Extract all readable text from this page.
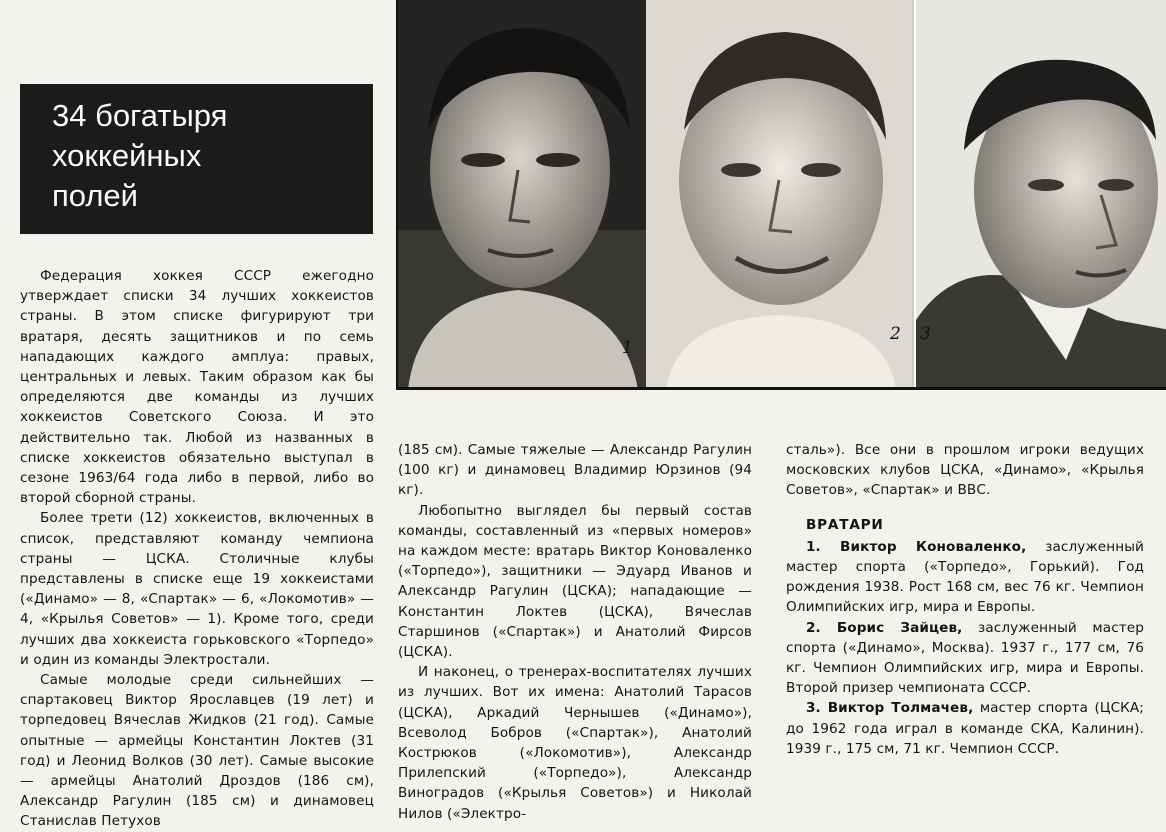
34 богатыря
хоккейных
полей
1
2 3

Федерация хоккея СССР ежегодно утверждает списки 34 лучших хоккеистов страны. В этом списке фигурируют три вратаря, десять защитников и по семь нападающих каждого амплуа: правых, центральных и левых. Таким образом как бы определяются две команды из лучших хоккеистов Советского Союза. И это действительно так. Любой из названных в списке хоккеистов обязательно выступал в сезоне 1963/64 года либо в первой, либо во второй сборной страны.

Более трети (12) хоккеистов, включенных в список, представляют команду чемпиона страны — ЦСКА. Столичные клубы представлены в списке еще 19 хоккеистами («Динамо» — 8, «Спартак» — 6, «Локомотив» — 4, «Крылья Советов» — 1). Кроме того, среди лучших два хоккеиста горьковского «Торпедо» и один из команды Электростали.

Самые молодые среди сильнейших — спартаковец Виктор Ярославцев (19 лет) и торпедовец Вячеслав Жидков (21 год). Самые опытные — армейцы Константин Локтев (31 год) и Леонид Волков (30 лет). Самые высокие — армейцы Анатолий Дроздов (186 см), Александр Рагулин (185 см) и динамовец Станислав Петухов

(185 см). Самые тяжелые — Александр Рагулин (100 кг) и динамовец Владимир Юрзинов (94 кг).

Любопытно выглядел бы первый состав команды, составленный из «первых номеров» на каждом месте: вратарь Виктор Коноваленко («Торпедо»), защитники — Эдуард Иванов и Александр Рагулин (ЦСКА); нападающие — Константин Локтев (ЦСКА), Вячеслав Старшинов («Спартак») и Анатолий Фирсов (ЦСКА).

И наконец, о тренерах-воспитателях лучших из лучших. Вот их имена: Анатолий Тарасов (ЦСКА), Аркадий Чернышев («Динамо»), Всеволод Бобров («Спартак»), Анатолий Кострюков («Локомотив»), Александр Прилепский («Торпедо»), Александр Виноградов («Крылья Советов») и Николай Нилов («Электро-

сталь»). Все они в прошлом игроки ведущих московских клубов ЦСКА, «Динамо», «Крылья Советов», «Спартак» и ВВС.

ВРАТАРИ

1. Виктор Коноваленко, заслуженный мастер спорта («Торпедо», Горький). Год рождения 1938. Рост 168 см, вес 76 кг. Чемпион Олимпийских игр, мира и Европы.

2. Борис Зайцев, заслуженный мастер спорта («Динамо», Москва). 1937 г., 177 см, 76 кг. Чемпион Олимпийских игр, мира и Европы. Второй призер чемпионата СССР.

3. Виктор Толмачев, мастер спорта (ЦСКА; до 1962 года играл в команде СКА, Калинин). 1939 г., 175 см, 71 кг. Чемпион СССР.
